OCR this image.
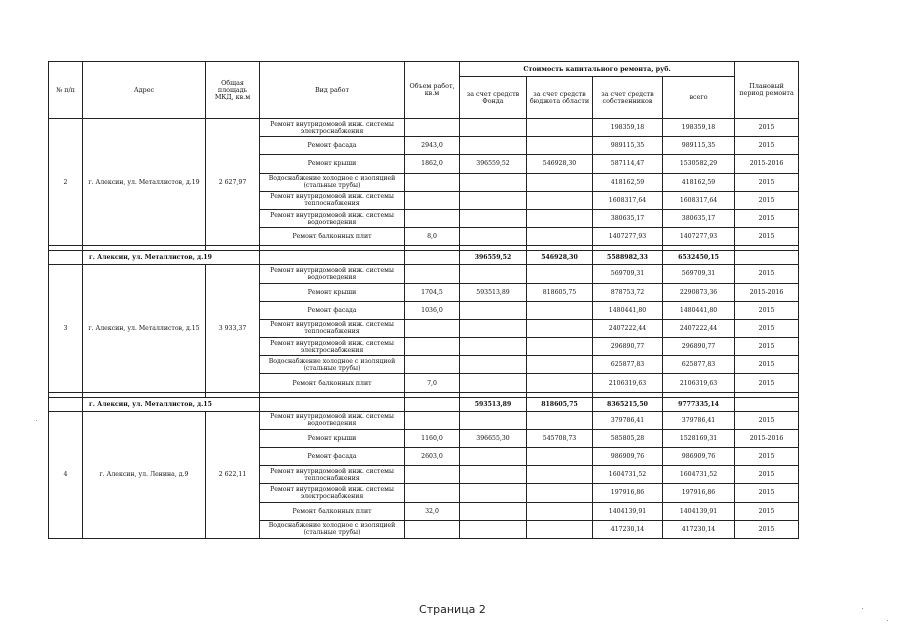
№ п/п	Адрес	Общая площадь МКД, кв.м	Вид работ	Объем работ, кв.м	Стоимость капитального ремонта, руб.				Плановый период ремонта
					за счет средств Фонда	за счет средств бюджета области	за счет средств собственников	всего	
2	г. Алексин, ул. Металлистов, д.19	2 627,97	Ремонт внутридомовой инж. системы электроснабжения				198359,18	198359,18	2015
			Ремонт фасада	2943,0			989115,35	989115,35	2015
			Ремонт крыши	1862,0	396559,52	546928,30	587114,47	1530582,29	2015-2016
			Водоснабжение холодное с изоляцией (стальные трубы)				418162,59	418162,59	2015
			Ремонт внутридомовой инж. системы теплоснабжения				1608317,64	1608317,64	2015
			Ремонт внутридомовой инж. системы водоотведения				380635,17	380635,17	2015
			Ремонт балконных плит	8,0			1407277,93	1407277,93	2015

	г. Алексин, ул. Металлистов, д.19				396559,52	546928,30	5588982,33	6532450,15	
3	г. Алексин, ул. Металлистов, д.15	3 933,37	Ремонт внутридомовой инж. системы водоотведения				569709,31	569709,31	2015
			Ремонт крыши	1704,5	593513,89	818605,75	878753,72	2290873,36	2015-2016
			Ремонт фасада	1036,0			1480441,80	1480441,80	2015
			Ремонт внутридомовой инж. системы теплоснабжения				2407222,44	2407222,44	2015
			Ремонт внутридомовой инж. системы электроснабжения				296890,77	296890,77	2015
			Водоснабжение холодное с изоляцией (стальные трубы)				625877,83	625877,83	2015
			Ремонт балконных плит	7,0			2106319,63	2106319,63	2015

	г. Алексин, ул. Металлистов, д.15				593513,89	818605,75	8365215,50	9777335,14	
4	г. Алексин, ул. Ленина, д.9	2 622,11	Ремонт внутридомовой инж. системы водоотведения				379786,41	379786,41	2015
			Ремонт крыши	1160,0	396655,30	545708,73	585805,28	1528169,31	2015-2016
			Ремонт фасада	2603,0			986909,76	986909,76	2015
			Ремонт внутридомовой инж. системы теплоснабжения				1604731,52	1604731,52	2015
			Ремонт внутридомовой инж. системы электроснабжения				197916,86	197916,86	2015
			Ремонт балконных плит	32,0			1404139,91	1404139,91	2015
			Водоснабжение холодное с изоляцией (стальные трубы)				417230,14	417230,14	2015
Страница 2
